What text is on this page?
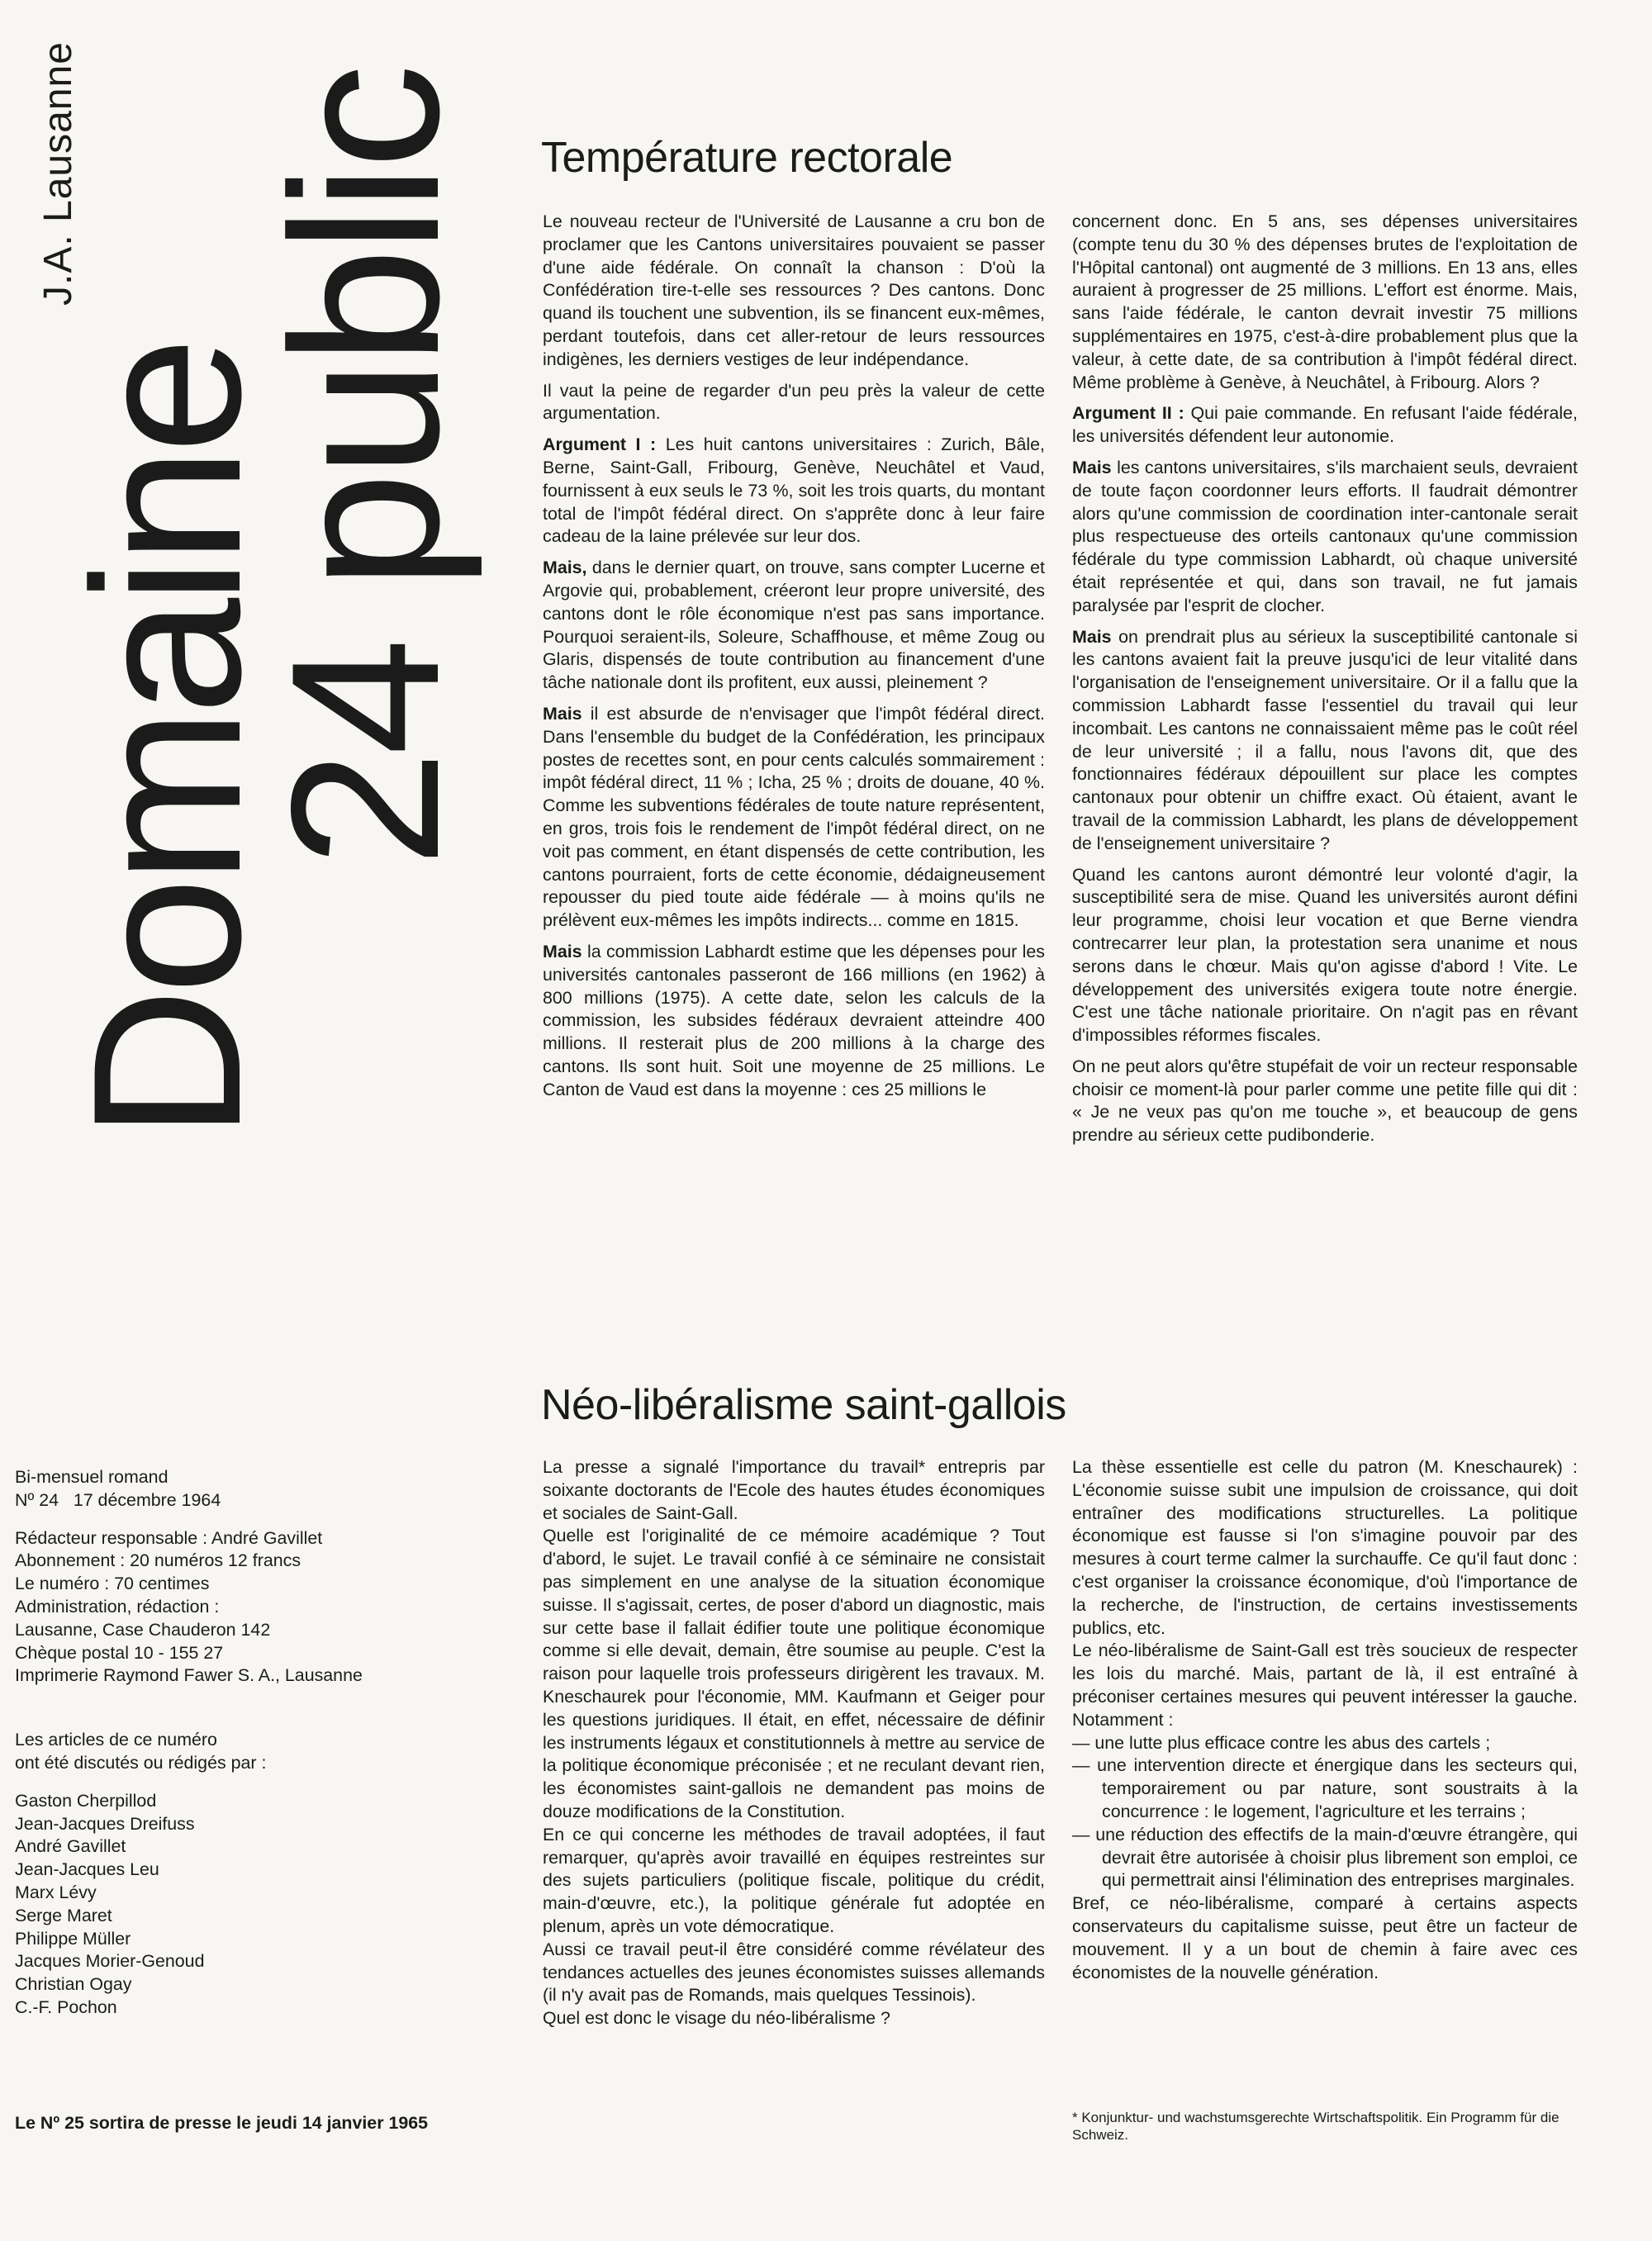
J.A. Lausanne
Domaine
24 public Température rectorale

Le nouveau recteur de l'Université de Lausanne a cru bon de proclamer que les Cantons universitaires pouvaient se passer d'une aide fédérale. On connaît la chanson : D'où la Confédération tire-t-elle ses ressources ? Des cantons. Donc quand ils touchent une subvention, ils se financent eux-mêmes, perdant toutefois, dans cet aller-retour de leurs ressources indigènes, les derniers vestiges de leur indépendance.

Il vaut la peine de regarder d'un peu près la valeur de cette argumentation.

Argument I : Les huit cantons universitaires : Zurich, Bâle, Berne, Saint-Gall, Fribourg, Genève, Neuchâtel et Vaud, fournissent à eux seuls le 73 %, soit les trois quarts, du montant total de l'impôt fédéral direct. On s'apprête donc à leur faire cadeau de la laine prélevée sur leur dos.

Mais, dans le dernier quart, on trouve, sans compter Lucerne et Argovie qui, probablement, créeront leur propre université, des cantons dont le rôle économique n'est pas sans importance. Pourquoi seraient-ils, Soleure, Schaffhouse, et même Zoug ou Glaris, dispensés de toute contribution au financement d'une tâche nationale dont ils profitent, eux aussi, pleinement ?

Mais il est absurde de n'envisager que l'impôt fédéral direct. Dans l'ensemble du budget de la Confédération, les principaux postes de recettes sont, en pour cents calculés sommairement : impôt fédéral direct, 11 % ; Icha, 25 % ; droits de douane, 40 %. Comme les subventions fédérales de toute nature représentent, en gros, trois fois le rendement de l'impôt fédéral direct, on ne voit pas comment, en étant dispensés de cette contribution, les cantons pourraient, forts de cette économie, dédaigneusement repousser du pied toute aide fédérale — à moins qu'ils ne prélèvent eux-mêmes les impôts indirects... comme en 1815.

Mais la commission Labhardt estime que les dépenses pour les universités cantonales passeront de 166 millions (en 1962) à 800 millions (1975). A cette date, selon les calculs de la commission, les subsides fédéraux devraient atteindre 400 millions. Il resterait plus de 200 millions à la charge des cantons. Ils sont huit. Soit une moyenne de 25 millions. Le Canton de Vaud est dans la moyenne : ces 25 millions le

concernent donc. En 5 ans, ses dépenses universitaires (compte tenu du 30 % des dépenses brutes de l'exploitation de l'Hôpital cantonal) ont augmenté de 3 millions. En 13 ans, elles auraient à progresser de 25 millions. L'effort est énorme. Mais, sans l'aide fédérale, le canton devrait investir 75 millions supplémentaires en 1975, c'est-à-dire probablement plus que la valeur, à cette date, de sa contribution à l'impôt fédéral direct. Même problème à Genève, à Neuchâtel, à Fribourg. Alors ?

Argument II : Qui paie commande. En refusant l'aide fédérale, les universités défendent leur autonomie.

Mais les cantons universitaires, s'ils marchaient seuls, devraient de toute façon coordonner leurs efforts. Il faudrait démontrer alors qu'une commission de coordination inter-cantonale serait plus respectueuse des orteils cantonaux qu'une commission fédérale du type commission Labhardt, où chaque université était représentée et qui, dans son travail, ne fut jamais paralysée par l'esprit de clocher.

Mais on prendrait plus au sérieux la susceptibilité cantonale si les cantons avaient fait la preuve jusqu'ici de leur vitalité dans l'organisation de l'enseignement universitaire. Or il a fallu que la commission Labhardt fasse l'essentiel du travail qui leur incombait. Les cantons ne connaissaient même pas le coût réel de leur université ; il a fallu, nous l'avons dit, que des fonctionnaires fédéraux dépouillent sur place les comptes cantonaux pour obtenir un chiffre exact. Où étaient, avant le travail de la commission Labhardt, les plans de développement de l'enseignement universitaire ?

Quand les cantons auront démontré leur volonté d'agir, la susceptibilité sera de mise. Quand les universités auront défini leur programme, choisi leur vocation et que Berne viendra contrecarrer leur plan, la protestation sera unanime et nous serons dans le chœur. Mais qu'on agisse d'abord ! Vite. Le développement des universités exigera toute notre énergie. C'est une tâche nationale prioritaire. On n'agit pas en rêvant d'impossibles réformes fiscales.

On ne peut alors qu'être stupéfait de voir un recteur responsable choisir ce moment-là pour parler comme une petite fille qui dit : « Je ne veux pas qu'on me touche », et beaucoup de gens prendre au sérieux cette pudibonderie.

Néo-libéralisme saint-gallois

La presse a signalé l'importance du travail* entrepris par soixante doctorants de l'Ecole des hautes études économiques et sociales de Saint-Gall.

Quelle est l'originalité de ce mémoire académique ? Tout d'abord, le sujet. Le travail confié à ce séminaire ne consistait pas simplement en une analyse de la situation économique suisse. Il s'agissait, certes, de poser d'abord un diagnostic, mais sur cette base il fallait édifier toute une politique économique comme si elle devait, demain, être soumise au peuple. C'est la raison pour laquelle trois professeurs dirigèrent les travaux. M. Kneschaurek pour l'économie, MM. Kaufmann et Geiger pour les questions juridiques. Il était, en effet, nécessaire de définir les instruments légaux et constitutionnels à mettre au service de la politique économique préconisée ; et ne reculant devant rien, les économistes saint-gallois ne demandent pas moins de douze modifications de la Constitution.

En ce qui concerne les méthodes de travail adoptées, il faut remarquer, qu'après avoir travaillé en équipes restreintes sur des sujets particuliers (politique fiscale, politique du crédit, main-d'œuvre, etc.), la politique générale fut adoptée en plenum, après un vote démocratique.

Aussi ce travail peut-il être considéré comme révélateur des tendances actuelles des jeunes économistes suisses allemands (il n'y avait pas de Romands, mais quelques Tessinois).

Quel est donc le visage du néo-libéralisme ?

La thèse essentielle est celle du patron (M. Kneschaurek) : L'économie suisse subit une impulsion de croissance, qui doit entraîner des modifications structurelles. La politique économique est fausse si l'on s'imagine pouvoir par des mesures à court terme calmer la surchauffe. Ce qu'il faut donc : c'est organiser la croissance économique, d'où l'importance de la recherche, de l'instruction, de certains investissements publics, etc.

Le néo-libéralisme de Saint-Gall est très soucieux de respecter les lois du marché. Mais, partant de là, il est entraîné à préconiser certaines mesures qui peuvent intéresser la gauche. Notamment :

— une lutte plus efficace contre les abus des cartels ;
— une intervention directe et énergique dans les secteurs qui, temporairement ou par nature, sont soustraits à la concurrence : le logement, l'agriculture et les terrains ;
— une réduction des effectifs de la main-d'œuvre étrangère, qui devrait être autorisée à choisir plus librement son emploi, ce qui permettrait ainsi l'élimination des entreprises marginales.

Bref, ce néo-libéralisme, comparé à certains aspects conservateurs du capitalisme suisse, peut être un facteur de mouvement. Il y a un bout de chemin à faire avec ces économistes de la nouvelle génération.

* Konjunktur- und wachstumsgerechte Wirtschaftspolitik. Ein Programm für die Schweiz.
Bi-mensuel romand
Nº 24   17 décembre 1964
Rédacteur responsable : André Gavillet
Abonnement : 20 numéros 12 francs
Le numéro : 70 centimes
Administration, rédaction :
Lausanne, Case Chauderon 142
Chèque postal 10 - 155 27
Imprimerie Raymond Fawer S. A., Lausanne
Les articles de ce numéro
ont été discutés ou rédigés par :
Gaston Cherpillod
Jean-Jacques Dreifuss
André Gavillet
Jean-Jacques Leu
Marx Lévy
Serge Maret
Philippe Müller
Jacques Morier-Genoud
Christian Ogay
C.-F. Pochon
Le Nº 25 sortira de presse le jeudi 14 janvier 1965
